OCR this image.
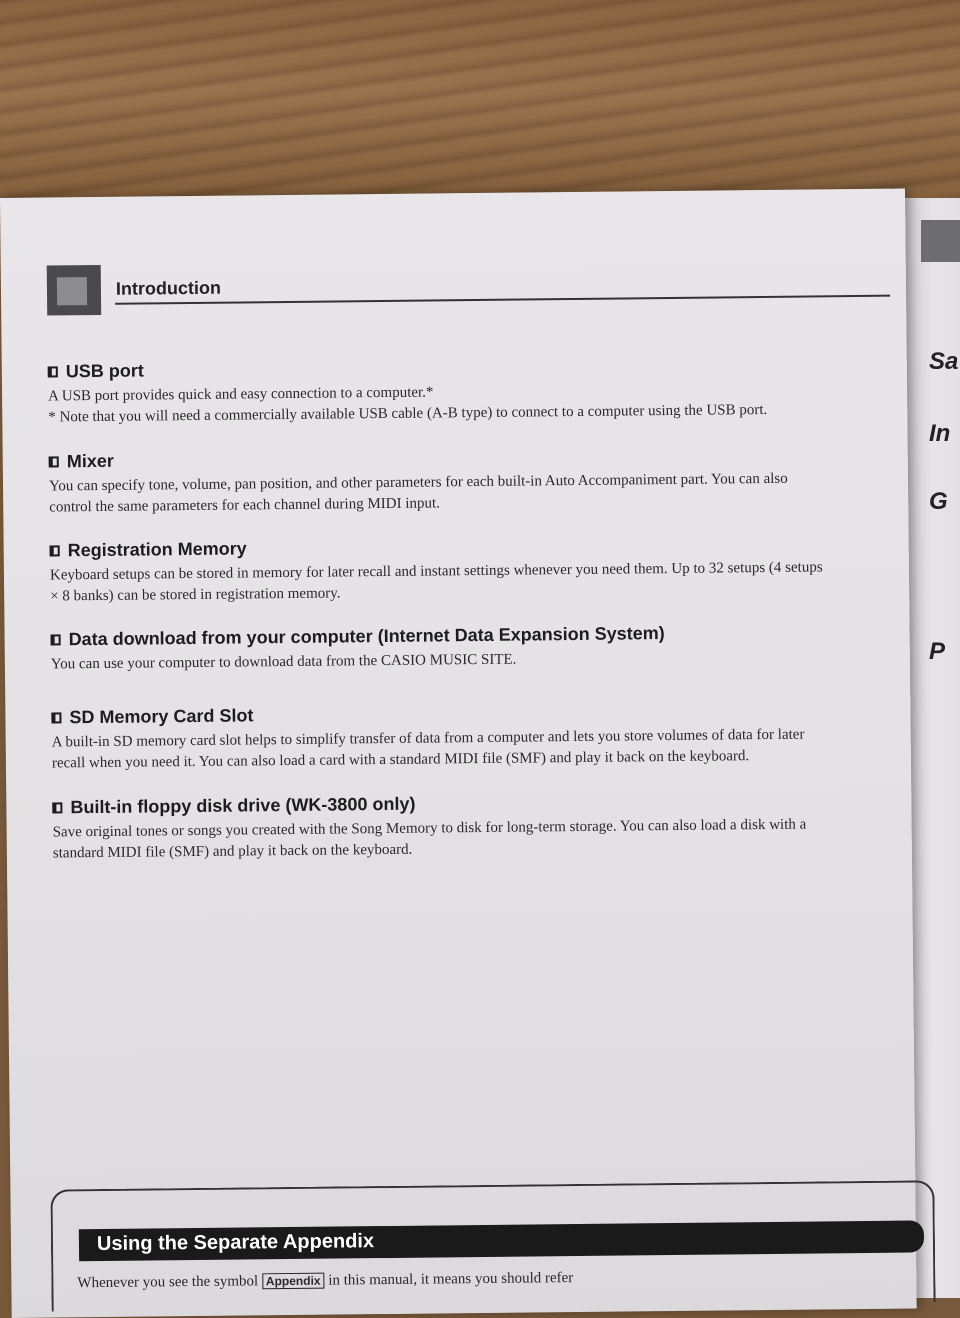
Sa
In
G
P
Introduction
USB port

A USB port provides quick and easy connection to a computer.*

* Note that you will need a commercially available USB cable (A-B type) to connect to a computer using the USB port.

Mixer

You can specify tone, volume, pan position, and other parameters for each built-in Auto Accompaniment part. You can also

control the same parameters for each channel during MIDI input.

Registration Memory

Keyboard setups can be stored in memory for later recall and instant settings whenever you need them. Up to 32 setups (4 setups

× 8 banks) can be stored in registration memory.

Data download from your computer (Internet Data Expansion System)

You can use your computer to download data from the CASIO MUSIC SITE.

SD Memory Card Slot

A built-in SD memory card slot helps to simplify transfer of data from a computer and lets you store volumes of data for later

recall when you need it. You can also load a card with a standard MIDI file (SMF) and play it back on the keyboard.

Built-in floppy disk drive (WK-3800 only)

Save original tones or songs you created with the Song Memory to disk for long-term storage. You can also load a disk with a

standard MIDI file (SMF) and play it back on the keyboard.

Using the Separate Appendix
Whenever you see the symbol Appendix in this manual, it means you should refer
